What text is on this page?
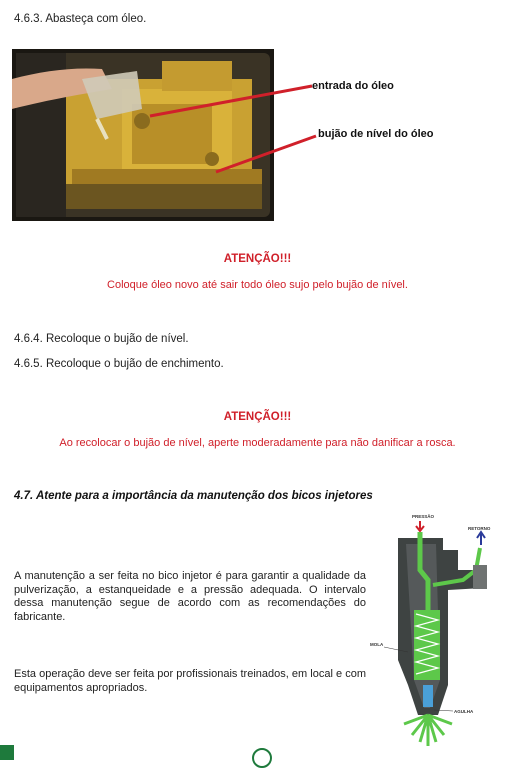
4.6.3. Abasteça com óleo.
entrada do óleo
bujão de nível do óleo
ATENÇÃO!!!
Coloque óleo novo até sair todo óleo sujo pelo bujão de nível.
4.6.4. Recoloque o bujão de nível.
4.6.5. Recoloque o bujão de enchimento.
ATENÇÃO!!!
Ao recolocar o bujão de nível, aperte moderadamente para não danificar a rosca.
4.7. Atente para a importância da manutenção dos bicos injetores
A manutenção a ser feita no bico injetor é para garantir a qualidade da pulverização, a estanqueidade e a pressão adequada. O intervalo dessa manutenção segue de acordo com as recomendações do fabricante.
Esta operação deve ser feita por profissionais treinados, em local e com equipamentos apropriados.
PRESSÃO
RETORNO
MOLA
AGULHA
